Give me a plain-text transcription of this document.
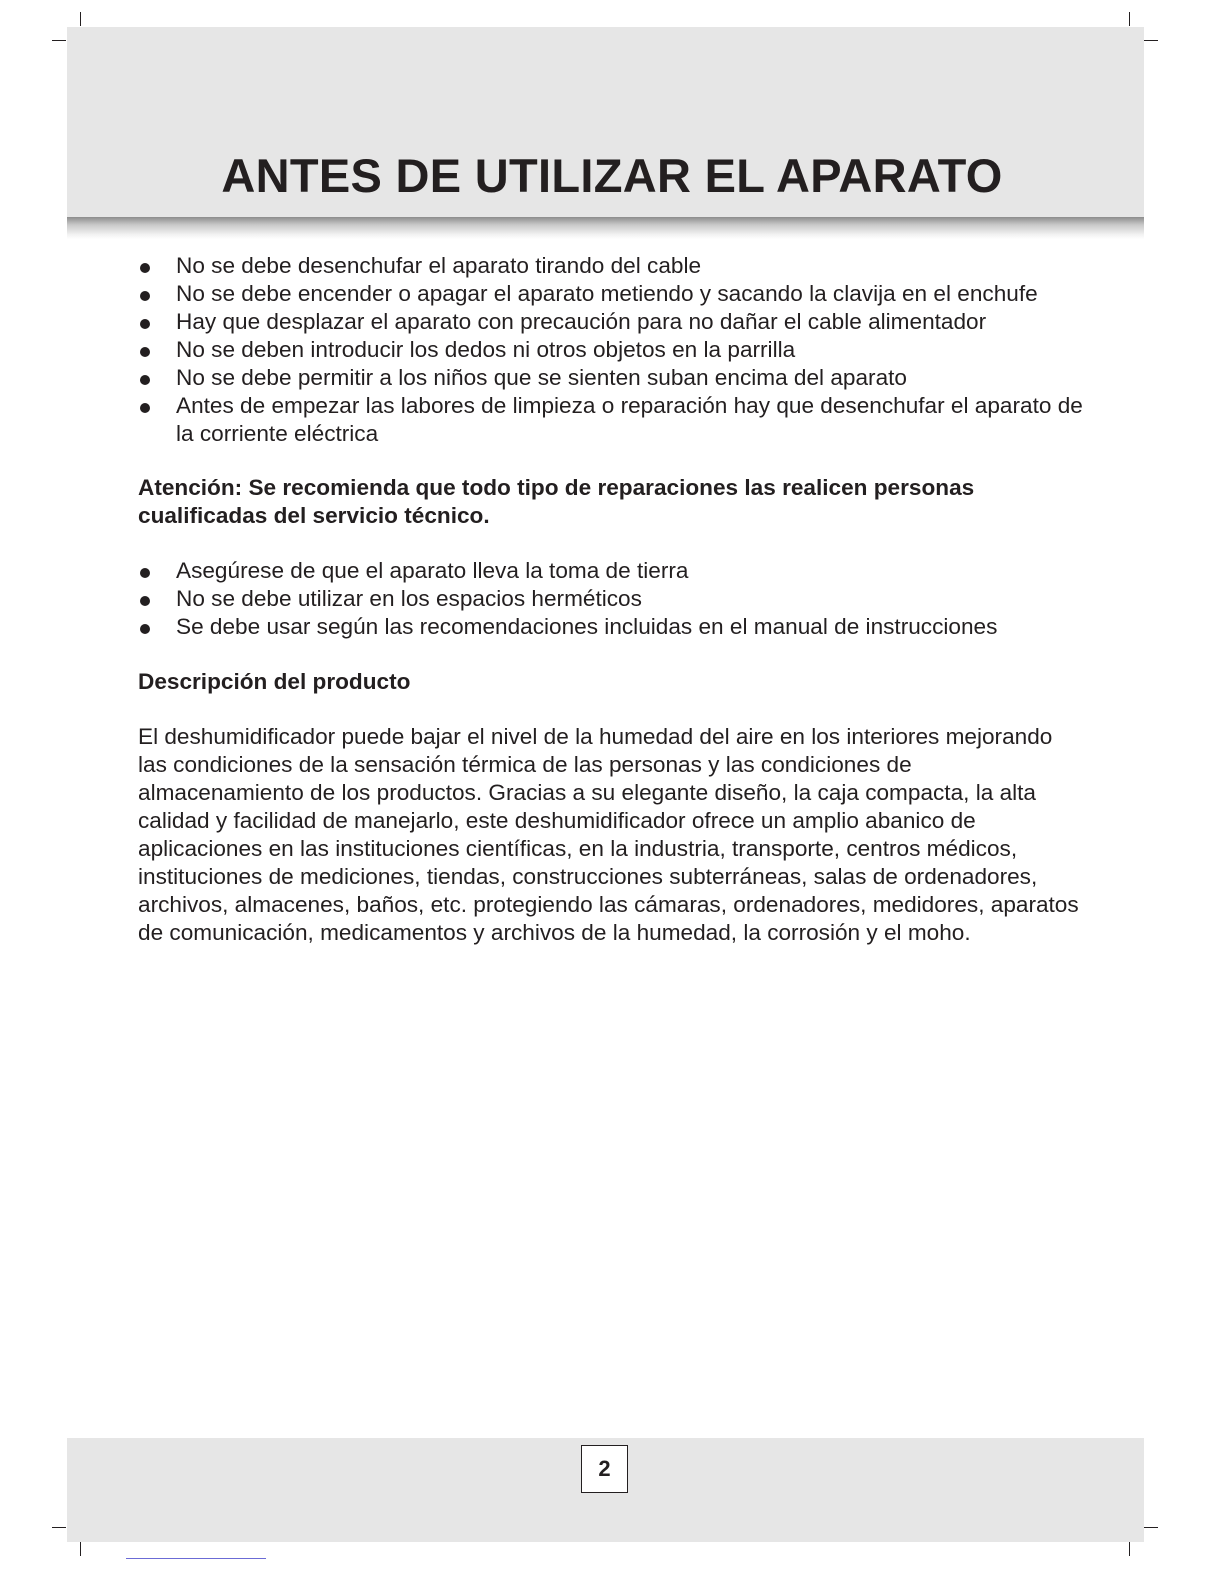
ANTES DE UTILIZAR EL APARATO
No se debe desenchufar el aparato tirando del cable
No se debe encender o apagar el aparato metiendo y sacando la clavija en el enchufe
Hay que desplazar el aparato con precaución para no dañar el cable alimentador
No se deben introducir los dedos ni otros objetos en la parrilla
No se debe permitir a los niños que se sienten suban encima del aparato
Antes de empezar las labores de limpieza o reparación hay que desenchufar el aparato de la corriente eléctrica

Atención: Se recomienda que todo tipo de reparaciones las realicen personas cualificadas del servicio técnico.

Asegúrese de que el aparato lleva la toma de tierra
No se debe utilizar en los espacios herméticos
Se debe usar según las recomendaciones incluidas en el manual de instrucciones
Descripción del producto

El deshumidificador puede bajar el nivel de la humedad del aire en los interiores mejorando las condiciones de la sensación térmica de las personas y las condiciones de almacenamiento de los productos. Gracias a su elegante diseño, la caja compacta, la alta calidad y facilidad de manejarlo, este deshumidificador ofrece un amplio abanico de aplicaciones en las instituciones científicas, en la industria, transporte, centros médicos, instituciones de mediciones, tiendas, construcciones subterráneas, salas de ordenadores, archivos, almacenes, baños, etc. protegiendo las cámaras, ordenadores, medidores, aparatos de comunicación, medicamentos y archivos de la humedad, la corrosión y el moho.

2
